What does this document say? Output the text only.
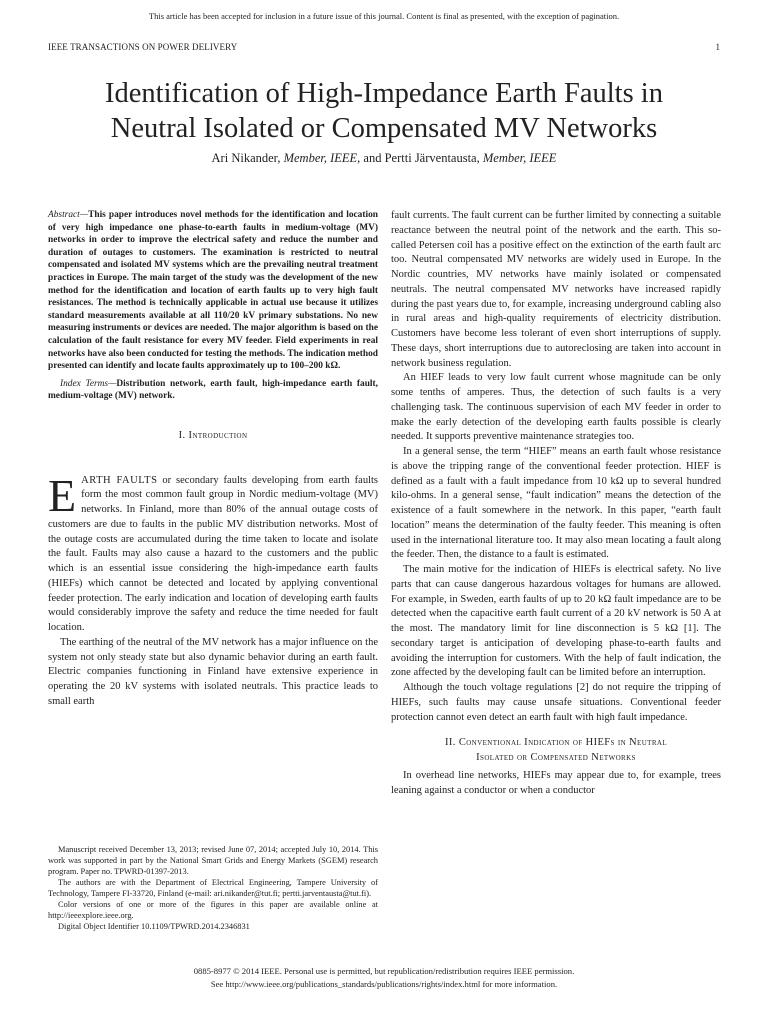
This article has been accepted for inclusion in a future issue of this journal. Content is final as presented, with the exception of pagination.
IEEE TRANSACTIONS ON POWER DELIVERY	1
Identification of High-Impedance Earth Faults in
Neutral Isolated or Compensated MV Networks
Ari Nikander, Member, IEEE, and Pertti Järventausta, Member, IEEE

Abstract—This paper introduces novel methods for the identification and location of very high impedance one phase-to-earth faults in medium-voltage (MV) networks in order to improve the electrical safety and reduce the number and duration of outages to customers. The examination is restricted to neutral compensated and isolated MV systems which are the prevailing neutral treatment practices in Europe. The main target of the study was the development of the new method for the identification and location of earth faults up to very high fault resistances. The method is technically applicable in actual use because it utilizes standard measurements available at all 110/20 kV primary substations. No new measuring instruments or devices are needed. The major algorithm is based on the calculation of the fault resistance for every MV feeder. Field experiments in real networks have also been conducted for testing the methods. The indication method presented can identify and locate faults approximately up to 100–200 kΩ.

Index Terms—Distribution network, earth fault, high-impedance earth fault, medium-voltage (MV) network.

I. Introduction

EARTH FAULTS or secondary faults developing from earth faults form the most common fault group in Nordic medium-voltage (MV) networks. In Finland, more than 80% of the annual outage costs of customers are due to faults in the public MV distribution networks. Most of the outage costs are accumulated during the time taken to locate and isolate the fault. Faults may also cause a hazard to the customers and the public which is an essential issue considering the high-impedance earth faults (HIEFs) which cannot be detected and located by applying conventional feeder protection. The early indication and location of developing earth faults would considerably improve the safety and reduce the time needed for fault location.

The earthing of the neutral of the MV network has a major influence on the system not only steady state but also dynamic behavior during an earth fault. Electric companies functioning in Finland have extensive experience in operating the 20 kV systems with isolated neutrals. This practice leads to small earth

Manuscript received December 13, 2013; revised June 07, 2014; accepted July 10, 2014. This work was supported in part by the National Smart Grids and Energy Markets (SGEM) research program. Paper no. TPWRD-01397-2013.

The authors are with the Department of Electrical Engineering, Tampere University of Technology, Tampere FI-33720, Finland (e-mail: ari.nikander@tut.fi; pertti.jarventausta@tut.fi).

Color versions of one or more of the figures in this paper are available online at http://ieeexplore.ieee.org.

Digital Object Identifier 10.1109/TPWRD.2014.2346831

fault currents. The fault current can be further limited by connecting a suitable reactance between the neutral point of the network and the earth. This so-called Petersen coil has a positive effect on the extinction of the earth fault arc too. Neutral compensated MV networks are widely used in Europe. In the Nordic countries, MV networks have mainly isolated or compensated neutrals. The neutral compensated MV networks have increased rapidly during the past years due to, for example, increasing underground cabling also in rural areas and high-quality requirements of electricity distribution. Customers have become less tolerant of even short interruptions of supply. These days, short interruptions due to autoreclosing are taken into account in network business regulation.

An HIEF leads to very low fault current whose magnitude can be only some tenths of amperes. Thus, the detection of such faults is a very challenging task. The continuous supervision of each MV feeder in order to make the early detection of the developing earth faults possible is clearly needed. It supports preventive maintenance strategies too.

In a general sense, the term “HIEF” means an earth fault whose resistance is above the tripping range of the conventional feeder protection. HIEF is defined as a fault with a fault impedance from 10 kΩ up to several hundred kilo-ohms. In a general sense, “fault indication” means the detection of the existence of a fault somewhere in the network. In this paper, “earth fault location” means the determination of the faulty feeder. This meaning is often used in the international literature too. It may also mean locating a fault along the feeder. Then, the distance to a fault is estimated.

The main motive for the indication of HIEFs is electrical safety. No live parts that can cause dangerous hazardous voltages for humans are allowed. For example, in Sweden, earth faults of up to 20 kΩ fault impedance are to be detected when the capacitive earth fault current of a 20 kV network is 50 A at the most. The mandatory limit for line disconnection is 5 kΩ [1]. The secondary target is anticipation of developing phase-to-earth faults and avoiding the interruption for customers. With the help of fault indication, the zone affected by the developing fault can be limited before an interruption.

Although the touch voltage regulations [2] do not require the tripping of HIEFs, such faults may cause unsafe situations. Conventional feeder protection cannot even detect an earth fault with high fault impedance.

II. Conventional Indication of HIEFs in Neutral
Isolated or Compensated Networks

In overhead line networks, HIEFs may appear due to, for example, trees leaning against a conductor or when a conductor

0885-8977 © 2014 IEEE. Personal use is permitted, but republication/redistribution requires IEEE permission.
See http://www.ieee.org/publications_standards/publications/rights/index.html for more information.
